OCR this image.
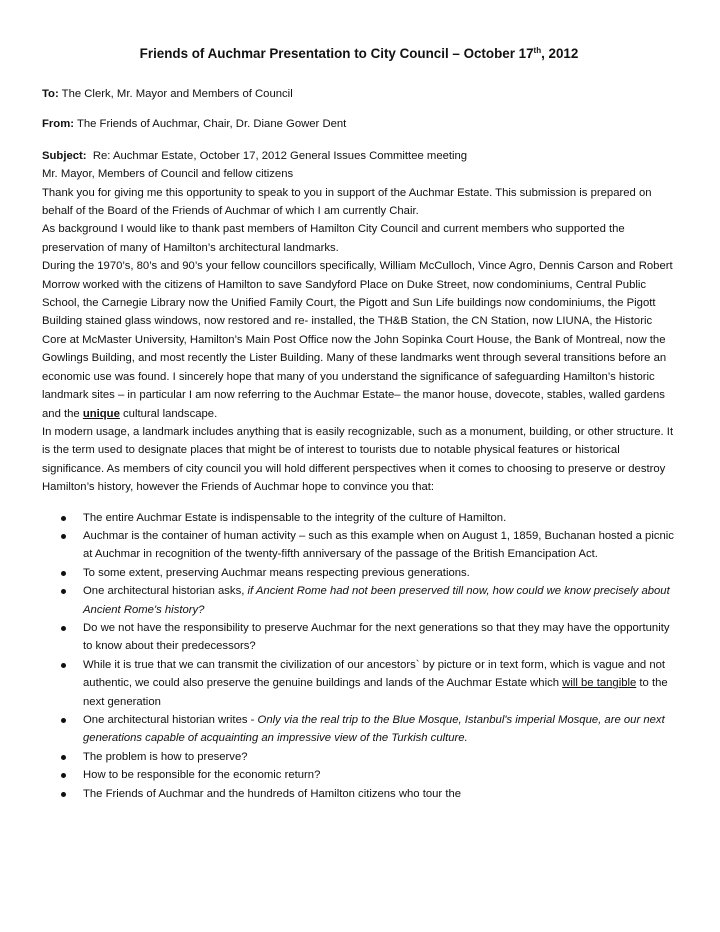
Friends of Auchmar Presentation to City Council – October 17th, 2012

To: The Clerk, Mr. Mayor and Members of Council

From: The Friends of Auchmar, Chair, Dr. Diane Gower Dent

Subject:  Re: Auchmar Estate, October 17, 2012 General Issues Committee meeting

Mr. Mayor, Members of Council and fellow citizens

Thank you for giving me this opportunity to speak to you in support of the Auchmar Estate. This submission is prepared on behalf of the Board of the Friends of Auchmar of which I am currently Chair.

As background I would like to thank past members of Hamilton City Council and current members who supported the preservation of many of Hamilton’s architectural landmarks.

During the 1970’s, 80’s and 90’s your fellow councillors specifically, William McCulloch, Vince Agro, Dennis Carson and Robert Morrow worked with the citizens of Hamilton to save Sandyford Place on Duke Street, now condominiums, Central Public School, the Carnegie Library now the Unified Family Court, the Pigott and Sun Life buildings now condominiums, the Pigott Building stained glass windows, now restored and re- installed, the TH&B Station, the CN Station, now LIUNA, the Historic Core at McMaster University, Hamilton’s Main Post Office now the John Sopinka Court House, the Bank of Montreal, now the Gowlings Building, and most recently the Lister Building. Many of these landmarks went through several transitions before an economic use was found. I sincerely hope that many of you understand the significance of safeguarding Hamilton’s historic landmark sites – in particular I am now referring to the Auchmar Estate– the manor house, dovecote, stables, walled gardens and the unique cultural landscape.

In modern usage, a landmark includes anything that is easily recognizable, such as a monument, building, or other structure. It is the term used to designate places that might be of interest to tourists due to notable physical features or historical significance. As members of city council you will hold different perspectives when it comes to choosing to preserve or destroy Hamilton’s history, however the Friends of Auchmar hope to convince you that:

The entire Auchmar Estate is indispensable to the integrity of the culture of Hamilton.
Auchmar is the container of human activity – such as this example when on August 1, 1859, Buchanan hosted a picnic at Auchmar in recognition of the twenty-fifth anniversary of the passage of the British Emancipation Act.
To some extent, preserving Auchmar means respecting previous generations.
One architectural historian asks, if Ancient Rome had not been preserved till now, how could we know precisely about Ancient Rome's history?
Do we not have the responsibility to preserve Auchmar for the next generations so that they may have the opportunity to know about their predecessors?
While it is true that we can transmit the civilization of our ancestors` by picture or in text form, which is vague and not authentic, we could also preserve the genuine buildings and lands of the Auchmar Estate which will be tangible to the next generation
One architectural historian writes - Only via the real trip to the Blue Mosque, Istanbul's imperial Mosque, are our next generations capable of acquainting an impressive view of the Turkish culture.
The problem is how to preserve?
How to be responsible for the economic return?
The Friends of Auchmar and the hundreds of Hamilton citizens who tour the
